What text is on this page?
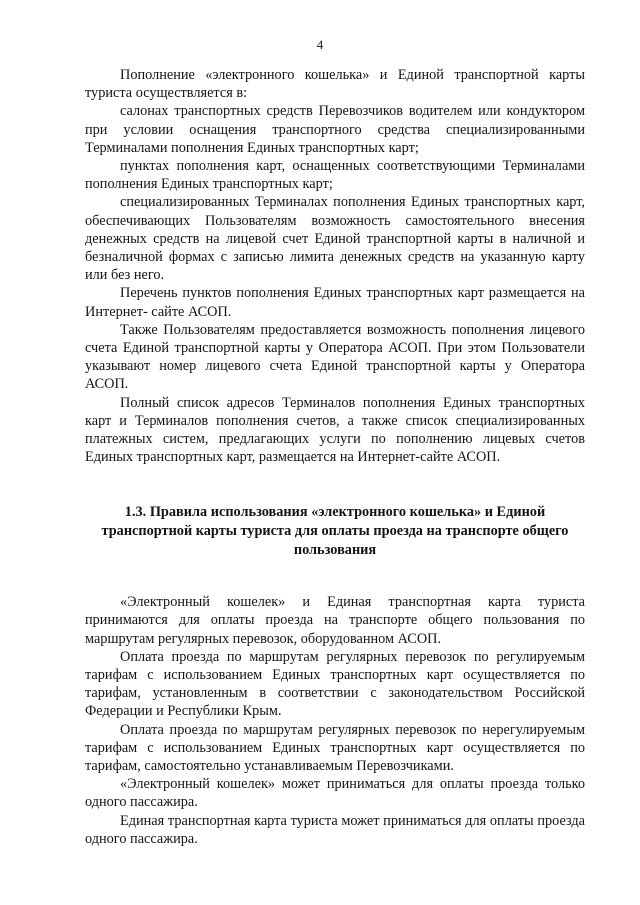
4

Пополнение «электронного кошелька» и Единой транспортной карты туриста осуществляется в:

салонах транспортных средств Перевозчиков водителем или кондуктором при условии оснащения транспортного средства специализированными Терминалами пополнения Единых транспортных карт;

пунктах пополнения карт, оснащенных соответствующими Терминалами пополнения Единых транспортных карт;

специализированных Терминалах пополнения Единых транспортных карт, обеспечивающих Пользователям возможность самостоятельного внесения денежных средств на лицевой счет Единой транспортной карты в наличной и безналичной формах с записью лимита денежных средств на указанную карту или без него.

Перечень пунктов пополнения Единых транспортных карт размещается на Интернет- сайте АСОП.

Также Пользователям предоставляется возможность пополнения лицевого счета Единой транспортной карты у Оператора АСОП. При этом Пользователи указывают номер лицевого счета Единой транспортной карты у Оператора АСОП.

Полный список адресов Терминалов пополнения Единых транспортных карт и Терминалов пополнения счетов, а также список специализированных платежных систем, предлагающих услуги по пополнению лицевых счетов Единых транспортных карт, размещается на Интернет-сайте АСОП.

1.3. Правила использования «электронного кошелька» и Единой транспортной карты туриста для оплаты проезда на транспорте общего пользования

«Электронный кошелек» и Единая транспортная карта туриста принимаются для оплаты проезда на транспорте общего пользования по маршрутам регулярных перевозок, оборудованном АСОП.

Оплата проезда по маршрутам регулярных перевозок по регулируемым тарифам с использованием Единых транспортных карт осуществляется по тарифам, установленным в соответствии с законодательством Российской Федерации и Республики Крым.

Оплата проезда по маршрутам регулярных перевозок по нерегулируемым тарифам с использованием Единых транспортных карт осуществляется по тарифам, самостоятельно устанавливаемым Перевозчиками.

«Электронный кошелек» может приниматься для оплаты проезда только одного пассажира.

Единая транспортная карта туриста может приниматься для оплаты проезда одного пассажира.
